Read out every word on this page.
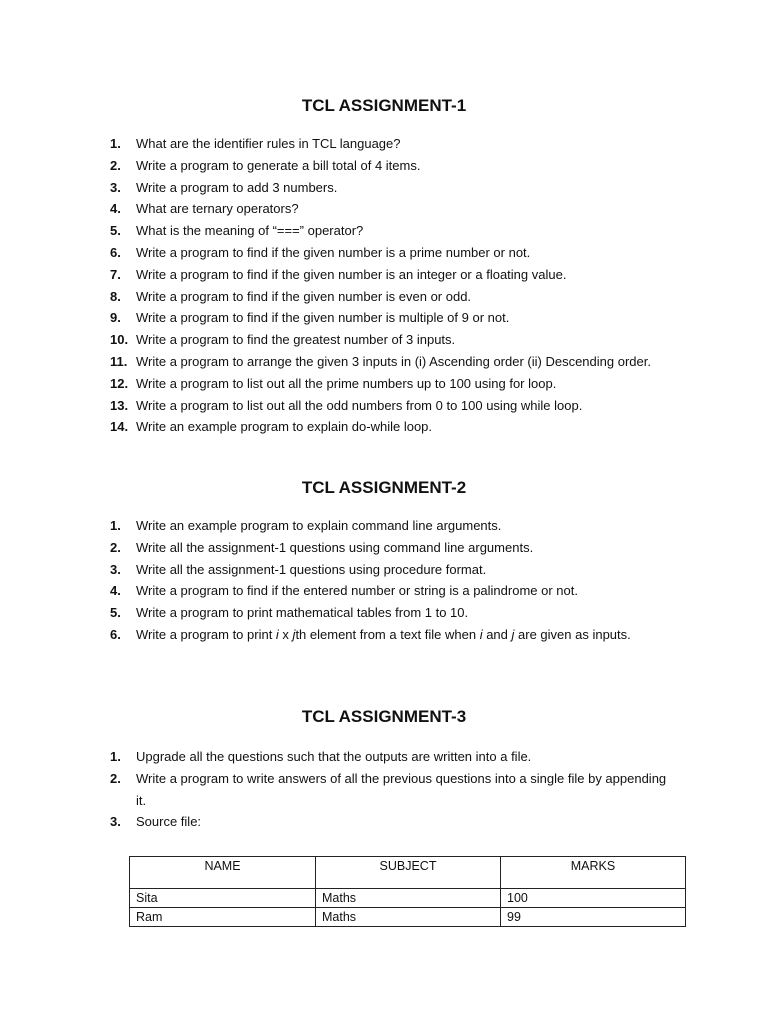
TCL ASSIGNMENT-1
1. What are the identifier rules in TCL language?
2. Write a program to generate a bill total of 4 items.
3. Write a program to add 3 numbers.
4. What are ternary operators?
5. What is the meaning of “===” operator?
6. Write a program to find if the given number is a prime number or not.
7. Write a program to find if the given number is an integer or a floating value.
8. Write a program to find if the given number is even or odd.
9. Write a program to find if the given number is multiple of 9 or not.
10. Write a program to find the greatest number of 3 inputs.
11. Write a program to arrange the given 3 inputs in (i) Ascending order (ii) Descending order.
12. Write a program to list out all the prime numbers up to 100 using for loop.
13. Write a program to list out all the odd numbers from 0 to 100 using while loop.
14. Write an example program to explain do-while loop.
TCL ASSIGNMENT-2
1. Write an example program to explain command line arguments.
2. Write all the assignment-1 questions using command line arguments.
3. Write all the assignment-1 questions using procedure format.
4. Write a program to find if the entered number or string is a palindrome or not.
5. Write a program to print mathematical tables from 1 to 10.
6. Write a program to print i x jth element from a text file when i and j are given as inputs.
TCL ASSIGNMENT-3
1. Upgrade all the questions such that the outputs are written into a file.
2. Write a program to write answers of all the previous questions into a single file by appending it.
3. Source file:
NAME	SUBJECT	MARKS
Sita	Maths	100
Ram	Maths	99
